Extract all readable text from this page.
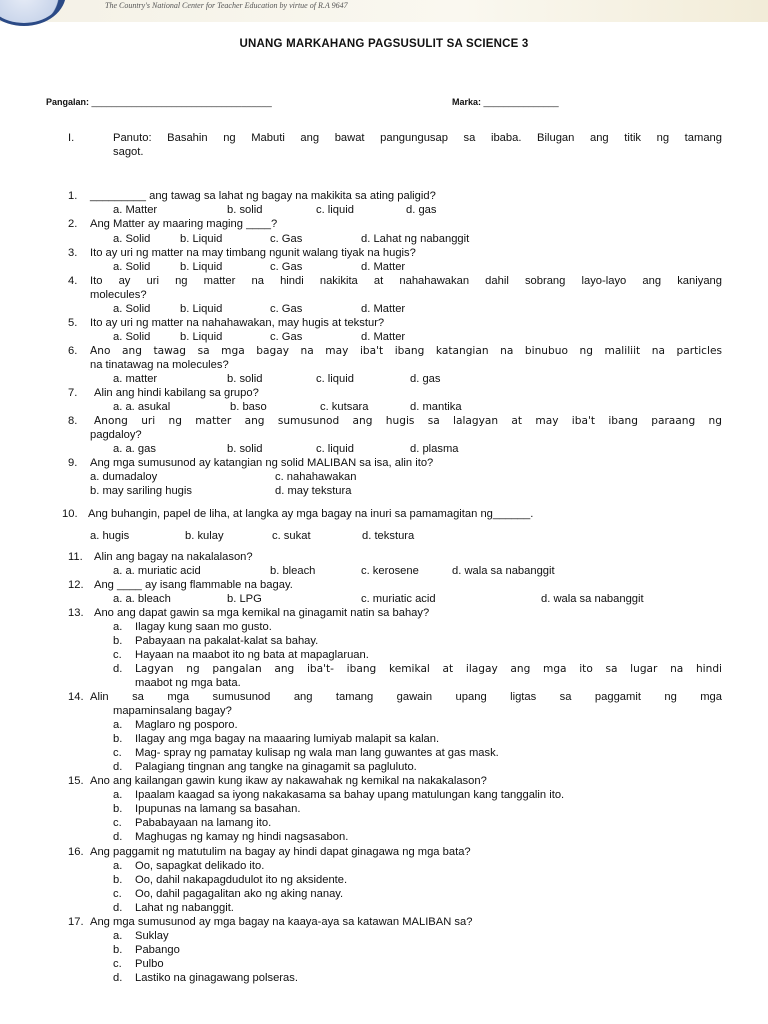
The Country's National Center for Teacher Education by virtue of R.A 9647
UNANG MARKAHANG PAGSUSULIT SA SCIENCE 3
Pangalan: ____________________________________	Marka: _______________
I.	Panuto: Basahin ng Mabuti ang bawat pangungusap sa ibaba. Bilugan ang titik ng tamang
sagot.
1. _________ ang tawag sa lahat ng bagay na makikita sa ating paligid?
a. Matter	b. solid	c. liquid	d. gas
2. Ang Matter ay maaring maging ____?
a. Solid	b. Liquid	c. Gas	d. Lahat ng nabanggit
3. Ito ay uri ng matter na may timbang ngunit walang tiyak na hugis?
a. Solid	b. Liquid	c. Gas	d. Matter
4. Ito ay uri ng matter na hindi nakikita at nahahawakan dahil sobrang layo-layo ang kaniyang
molecules?
a. Solid	b. Liquid	c. Gas	d. Matter
5. Ito ay uri ng matter na nahahawakan, may hugis at tekstur?
a. Solid	b. Liquid	c. Gas	d. Matter
6. Ano ang tawag sa mga bagay na may iba't ibang katangian na binubuo ng maliliit na particles
na tinatawag na molecules?
a. matter	b. solid	c. liquid	d. gas
7. Alin ang hindi kabilang sa grupo?
a. a. asukal	b. baso	c. kutsara	d. mantika
8. Anong uri ng matter ang sumusunod ang hugis sa lalagyan at may iba't ibang paraang ng
pagdaloy?
a. a. gas	b. solid	c. liquid	d. plasma
9. Ang mga sumusunod ay katangian ng solid MALIBAN sa isa, alin ito?
a. dumadaloy	c. nahahawakan
b. may sariling hugis	d. may tekstura
10. Ang buhangin, papel de liha, at langka ay mga bagay na inuri sa pamamagitan ng______.
a. hugis	b. kulay	c. sukat	d. tekstura
11. Alin ang bagay na nakalalason?
a. a. muriatic acid	b. bleach	c. kerosene	d. wala sa nabanggit
12. Ang ____ ay isang flammable na bagay.
a. a. bleach	b. LPG	c. muriatic acid	d. wala sa nabanggit
13. Ano ang dapat gawin sa mga kemikal na ginagamit natin sa bahay?
a. Ilagay kung saan mo gusto.
b. Pabayaan na pakalat-kalat sa bahay.
c. Hayaan na maabot ito ng bata at mapaglaruan.
d. Lagyan ng pangalan ang iba't- ibang kemikal at ilagay ang mga ito sa lugar na hindi
maabot ng mga bata.
14. Alin sa mga sumusunod ang tamang gawain upang ligtas sa paggamit ng mga
mapaminsalang bagay?
a. Maglaro ng posporo.
b. Ilagay ang mga bagay na maaaring lumiyab malapit sa kalan.
c. Mag- spray ng pamatay kulisap ng wala man lang guwantes at gas mask.
d. Palagiang tingnan ang tangke na ginagamit sa pagluluto.
15. Ano ang kailangan gawin kung ikaw ay nakawahak ng kemikal na nakakalason?
a. Ipaalam kaagad sa iyong nakakasama sa bahay upang matulungan kang tanggalin ito.
b. Ipupunas na lamang sa basahan.
c. Pababayaan na lamang ito.
d. Maghugas ng kamay ng hindi nagsasabon.
16. Ang paggamit ng matutulim na bagay ay hindi dapat ginagawa ng mga bata?
a. Oo, sapagkat delikado ito.
b. Oo, dahil nakapagdudulot ito ng aksidente.
c. Oo, dahil pagagalitan ako ng aking nanay.
d. Lahat ng nabanggit.
17. Ang mga sumusunod ay mga bagay na kaaya-aya sa katawan MALIBAN sa?
a. Suklay
b. Pabango
c. Pulbo
d. Lastiko na ginagawang polseras.
